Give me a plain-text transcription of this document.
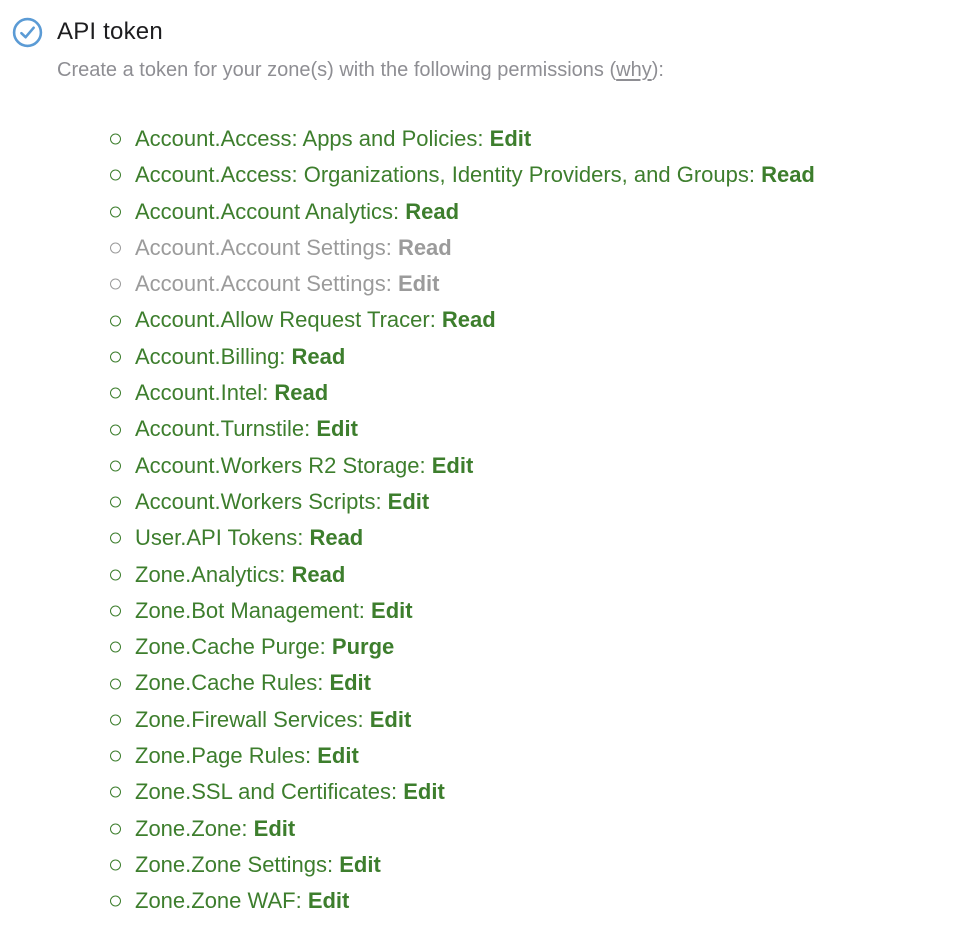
API token
Create a token for your zone(s) with the following permissions (why):
Account.Access: Apps and Policies: Edit
Account.Access: Organizations, Identity Providers, and Groups: Read
Account.Account Analytics: Read
Account.Account Settings: Read
Account.Account Settings: Edit
Account.Allow Request Tracer: Read
Account.Billing: Read
Account.Intel: Read
Account.Turnstile: Edit
Account.Workers R2 Storage: Edit
Account.Workers Scripts: Edit
User.API Tokens: Read
Zone.Analytics: Read
Zone.Bot Management: Edit
Zone.Cache Purge: Purge
Zone.Cache Rules: Edit
Zone.Firewall Services: Edit
Zone.Page Rules: Edit
Zone.SSL and Certificates: Edit
Zone.Zone: Edit
Zone.Zone Settings: Edit
Zone.Zone WAF: Edit
